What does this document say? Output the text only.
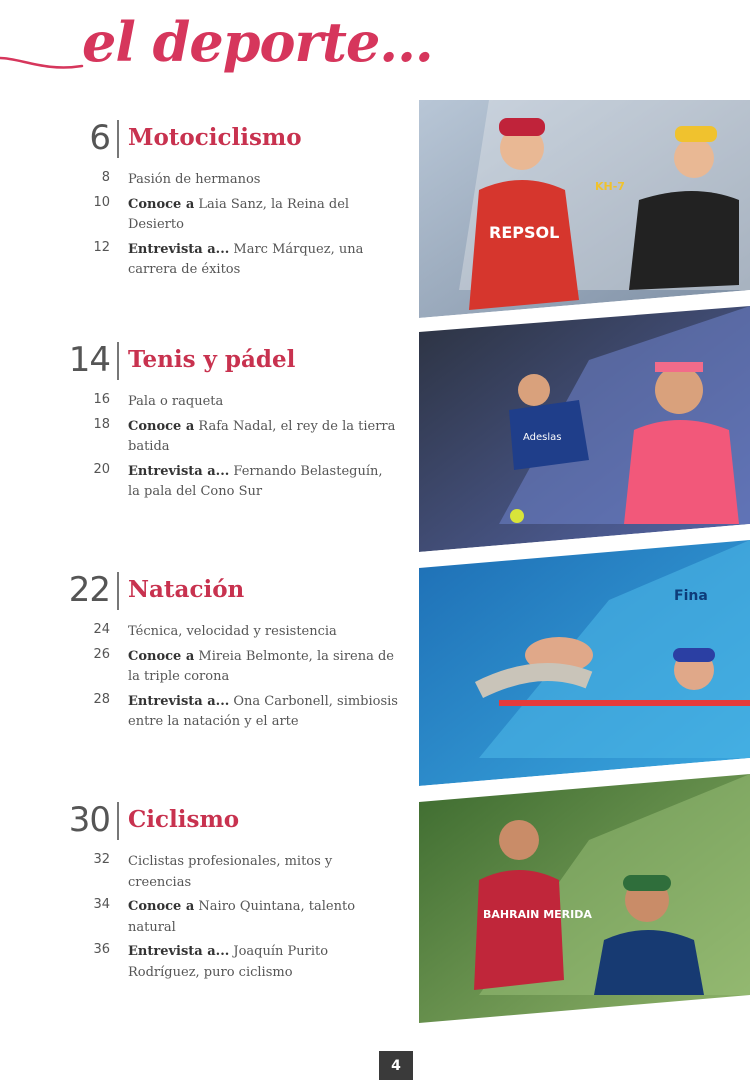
el deporte...
6 Motociclismo
8 Pasión de hermanos
10 Conoce a Laia Sanz, la Reina del Desierto
12 Entrevista a... Marc Márquez, una carrera de éxitos
14 Tenis y pádel
16 Pala o raqueta
18 Conoce a Rafa Nadal, el rey de la tierra batida
20 Entrevista a... Fernando Belasteguín, la pala del Cono Sur
22 Natación
24 Técnica, velocidad y resistencia
26 Conoce a Mireia Belmonte, la sirena de la triple corona
28 Entrevista a... Ona Carbonell, simbiosis entre la natación y el arte
30 Ciclismo
32 Ciclistas profesionales, mitos y creencias
34 Conoce a Nairo Quintana, talento natural
36 Entrevista a... Joaquín Purito Rodríguez, puro ciclismo
REPSOL
KH-7
Adeslas
Fina
BAHRAIN MERIDA
4
